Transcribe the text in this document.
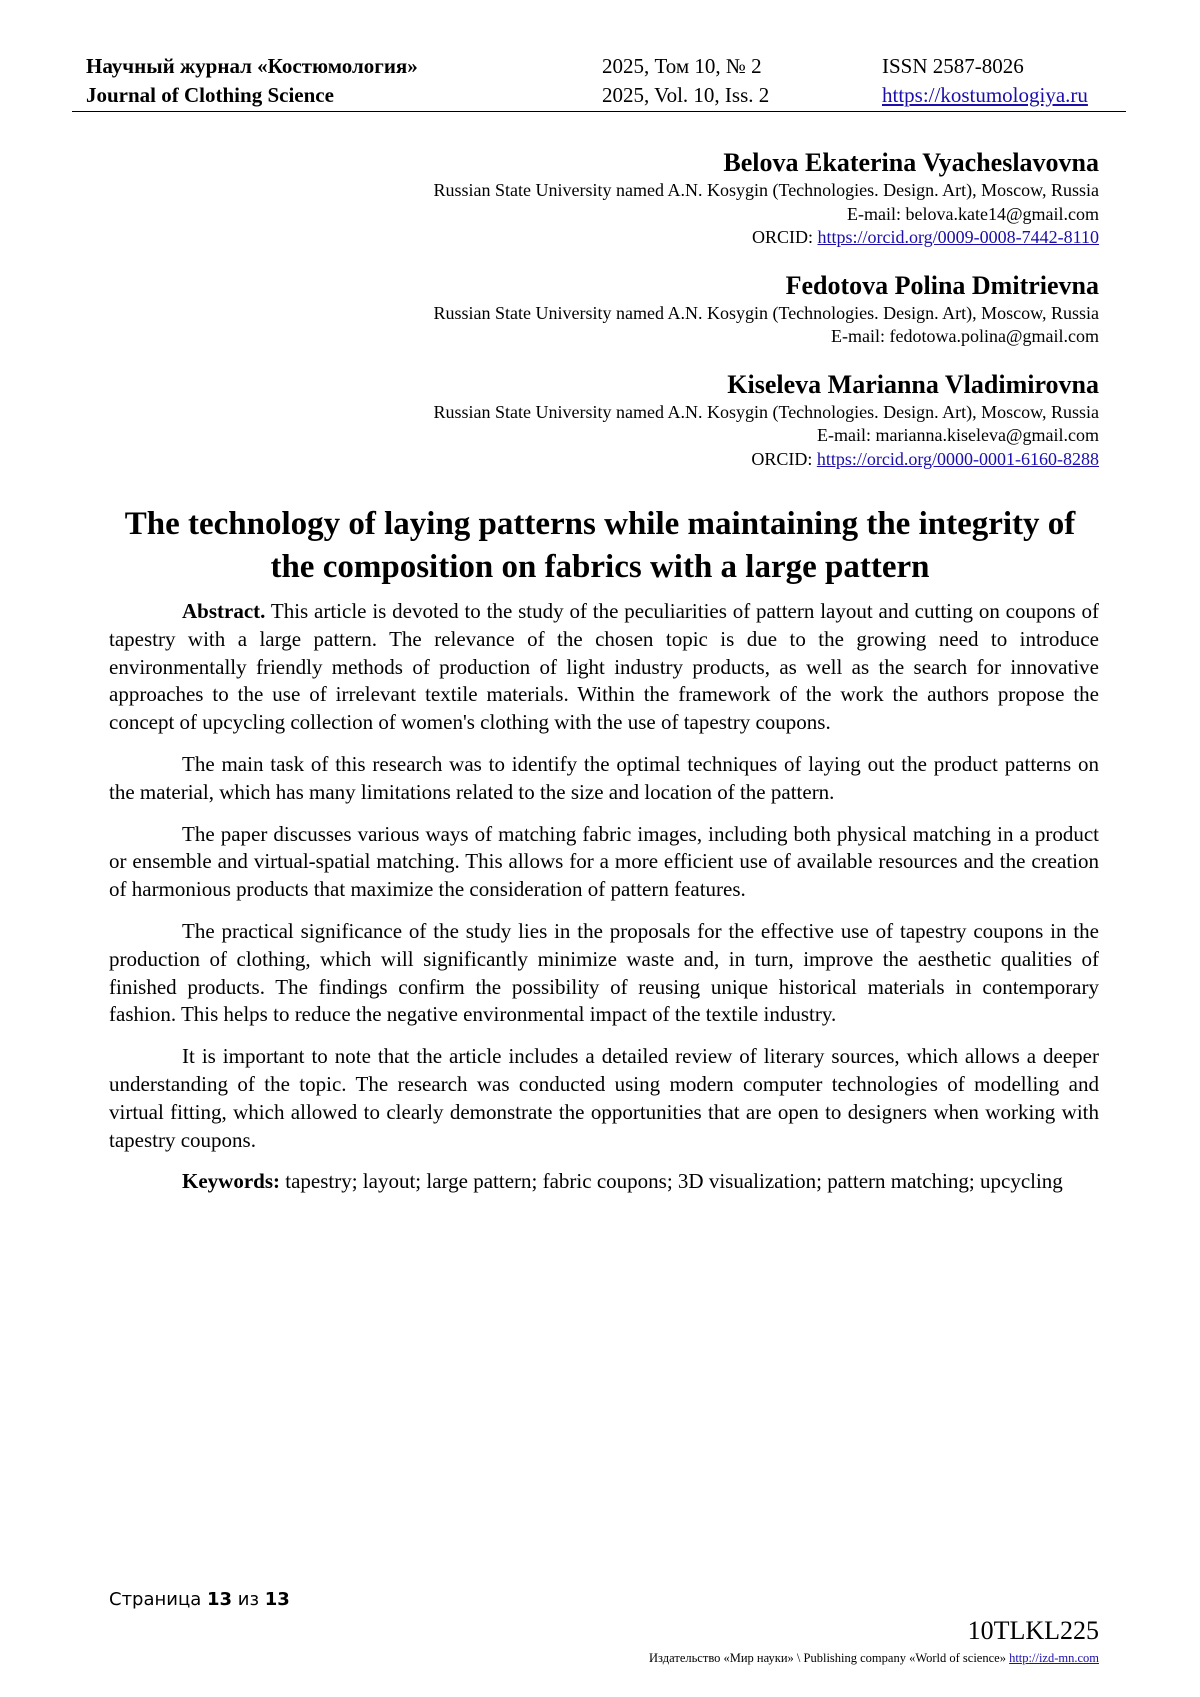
Научный журнал «Костюмология»
Journal of Clothing Science
2025, Том 10, № 2
2025, Vol. 10, Iss. 2
ISSN 2587-8026
https://kostumologiya.ru
Belova Ekaterina Vyacheslavovna
Russian State University named A.N. Kosygin (Technologies. Design. Art), Moscow, Russia
E-mail: belova.kate14@gmail.com
ORCID: https://orcid.org/0009-0008-7442-8110
Fedotova Polina Dmitrievna
Russian State University named A.N. Kosygin (Technologies. Design. Art), Moscow, Russia
E-mail: fedotowa.polina@gmail.com
Kiseleva Marianna Vladimirovna
Russian State University named A.N. Kosygin (Technologies. Design. Art), Moscow, Russia
E-mail: marianna.kiseleva@gmail.com
ORCID: https://orcid.org/0000-0001-6160-8288
The technology of laying patterns while maintaining the integrity of the composition on fabrics with a large pattern

Abstract. This article is devoted to the study of the peculiarities of pattern layout and cutting on coupons of tapestry with a large pattern. The relevance of the chosen topic is due to the growing need to introduce environmentally friendly methods of production of light industry products, as well as the search for innovative approaches to the use of irrelevant textile materials. Within the framework of the work the authors propose the concept of upcycling collection of women's clothing with the use of tapestry coupons.

The main task of this research was to identify the optimal techniques of laying out the product patterns on the material, which has many limitations related to the size and location of the pattern.

The paper discusses various ways of matching fabric images, including both physical matching in a product or ensemble and virtual-spatial matching. This allows for a more efficient use of available resources and the creation of harmonious products that maximize the consideration of pattern features.

The practical significance of the study lies in the proposals for the effective use of tapestry coupons in the production of clothing, which will significantly minimize waste and, in turn, improve the aesthetic qualities of finished products. The findings confirm the possibility of reusing unique historical materials in contemporary fashion. This helps to reduce the negative environmental impact of the textile industry.

It is important to note that the article includes a detailed review of literary sources, which allows a deeper understanding of the topic. The research was conducted using modern computer technologies of modelling and virtual fitting, which allowed to clearly demonstrate the opportunities that are open to designers when working with tapestry coupons.

Keywords: tapestry; layout; large pattern; fabric coupons; 3D visualization; pattern matching; upcycling

Страница 13 из 13
10TLKL225
Издательство «Мир науки» \ Publishing company «World of science» http://izd-mn.com
